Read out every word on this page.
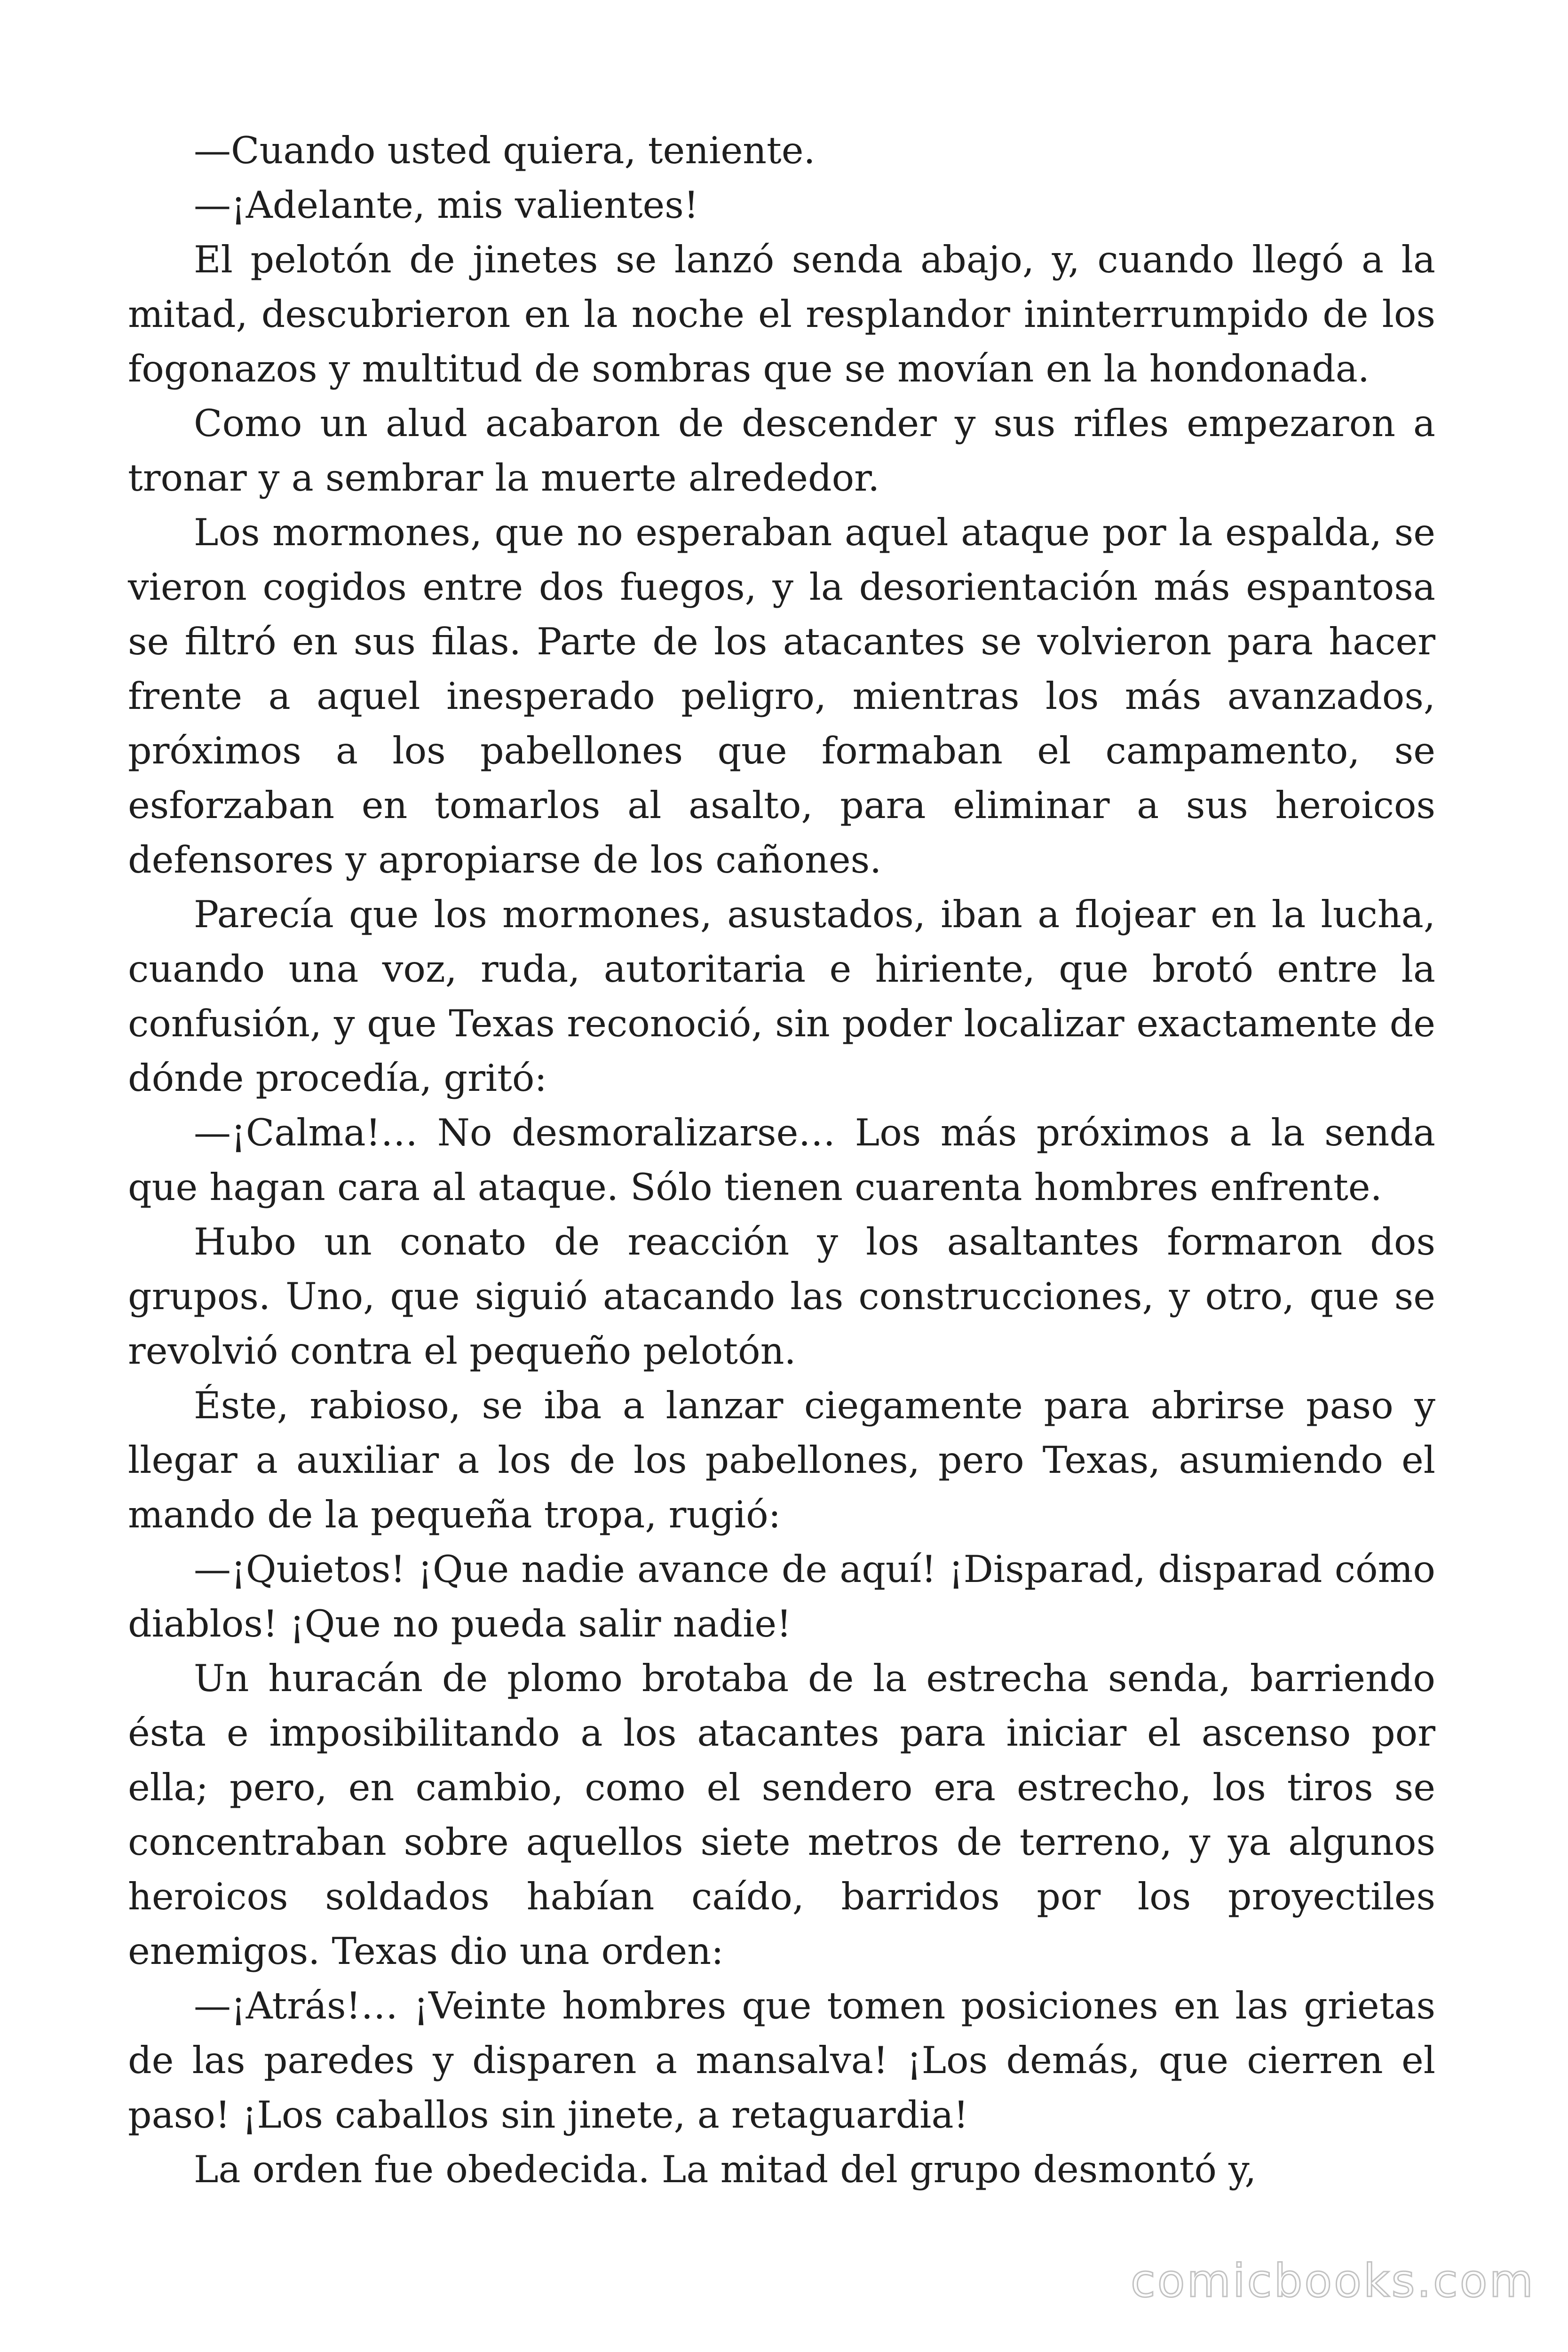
—Cuando usted quiera, teniente.

—¡Adelante, mis valientes!

El pelotón de jinetes se lanzó senda abajo, y, cuando llegó a la mitad, descubrieron en la noche el resplandor ininterrumpido de los fogonazos y multitud de sombras que se movían en la hondonada.

Como un alud acabaron de descender y sus rifles empezaron a tronar y a sembrar la muerte alrededor.

Los mormones, que no esperaban aquel ataque por la espalda, se vieron cogidos entre dos fuegos, y la desorientación más espantosa se filtró en sus filas. Parte de los atacantes se volvieron para hacer frente a aquel inesperado peligro, mientras los más avanzados, próximos a los pabellones que formaban el campamento, se esforzaban en tomarlos al asalto, para eliminar a sus heroicos defensores y apropiarse de los cañones.

Parecía que los mormones, asustados, iban a flojear en la lucha, cuando una voz, ruda, autoritaria e hiriente, que brotó entre la confusión, y que Texas reconoció, sin poder localizar exactamente de dónde procedía, gritó:

—¡Calma!… No desmoralizarse… Los más próximos a la senda que hagan cara al ataque. Sólo tienen cuarenta hombres enfrente.

Hubo un conato de reacción y los asaltantes formaron dos grupos. Uno, que siguió atacando las construcciones, y otro, que se revolvió contra el pequeño pelotón.

Éste, rabioso, se iba a lanzar ciegamente para abrirse paso y llegar a auxiliar a los de los pabellones, pero Texas, asumiendo el mando de la pequeña tropa, rugió:

—¡Quietos! ¡Que nadie avance de aquí! ¡Disparad, disparad cómo diablos! ¡Que no pueda salir nadie!

Un huracán de plomo brotaba de la estrecha senda, barriendo ésta e imposibilitando a los atacantes para iniciar el ascenso por ella; pero, en cambio, como el sendero era estrecho, los tiros se concentraban sobre aquellos siete metros de terreno, y ya algunos heroicos soldados habían caído, barridos por los proyectiles enemigos. Texas dio una orden:

—¡Atrás!… ¡Veinte hombres que tomen posiciones en las grietas de las paredes y disparen a mansalva! ¡Los demás, que cierren el paso! ¡Los caballos sin jinete, a retaguardia!

La orden fue obedecida. La mitad del grupo desmontó y,

comicbooks.com
